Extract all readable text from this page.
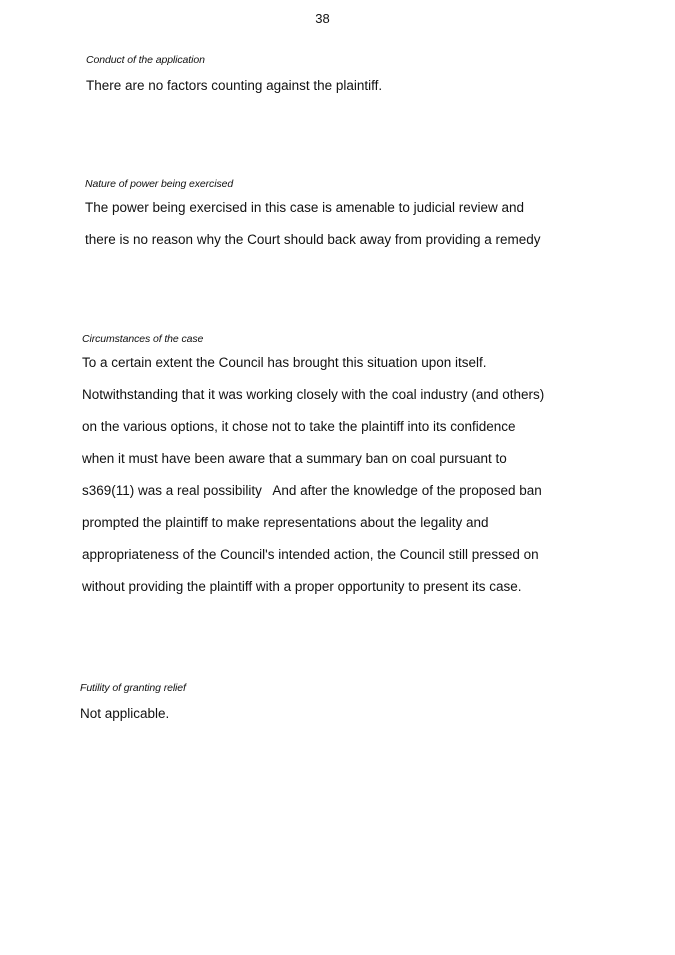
38

Conduct of the application

There are no factors counting against the plaintiff.

Nature of power being exercised

The power being exercised in this case is amenable to judicial review and
there is no reason why the Court should back away from providing a remedy

Circumstances of the case

To a certain extent the Council has brought this situation upon itself.
Notwithstanding that it was working closely with the coal industry (and others)
on the various options, it chose not to take the plaintiff into its confidence
when it must have been aware that a summary ban on coal pursuant to
s369(11) was a real possibility   And after the knowledge of the proposed ban
prompted the plaintiff to make representations about the legality and
appropriateness of the Council's intended action, the Council still pressed on
without providing the plaintiff with a proper opportunity to present its case.

Futility of granting relief

Not applicable.
